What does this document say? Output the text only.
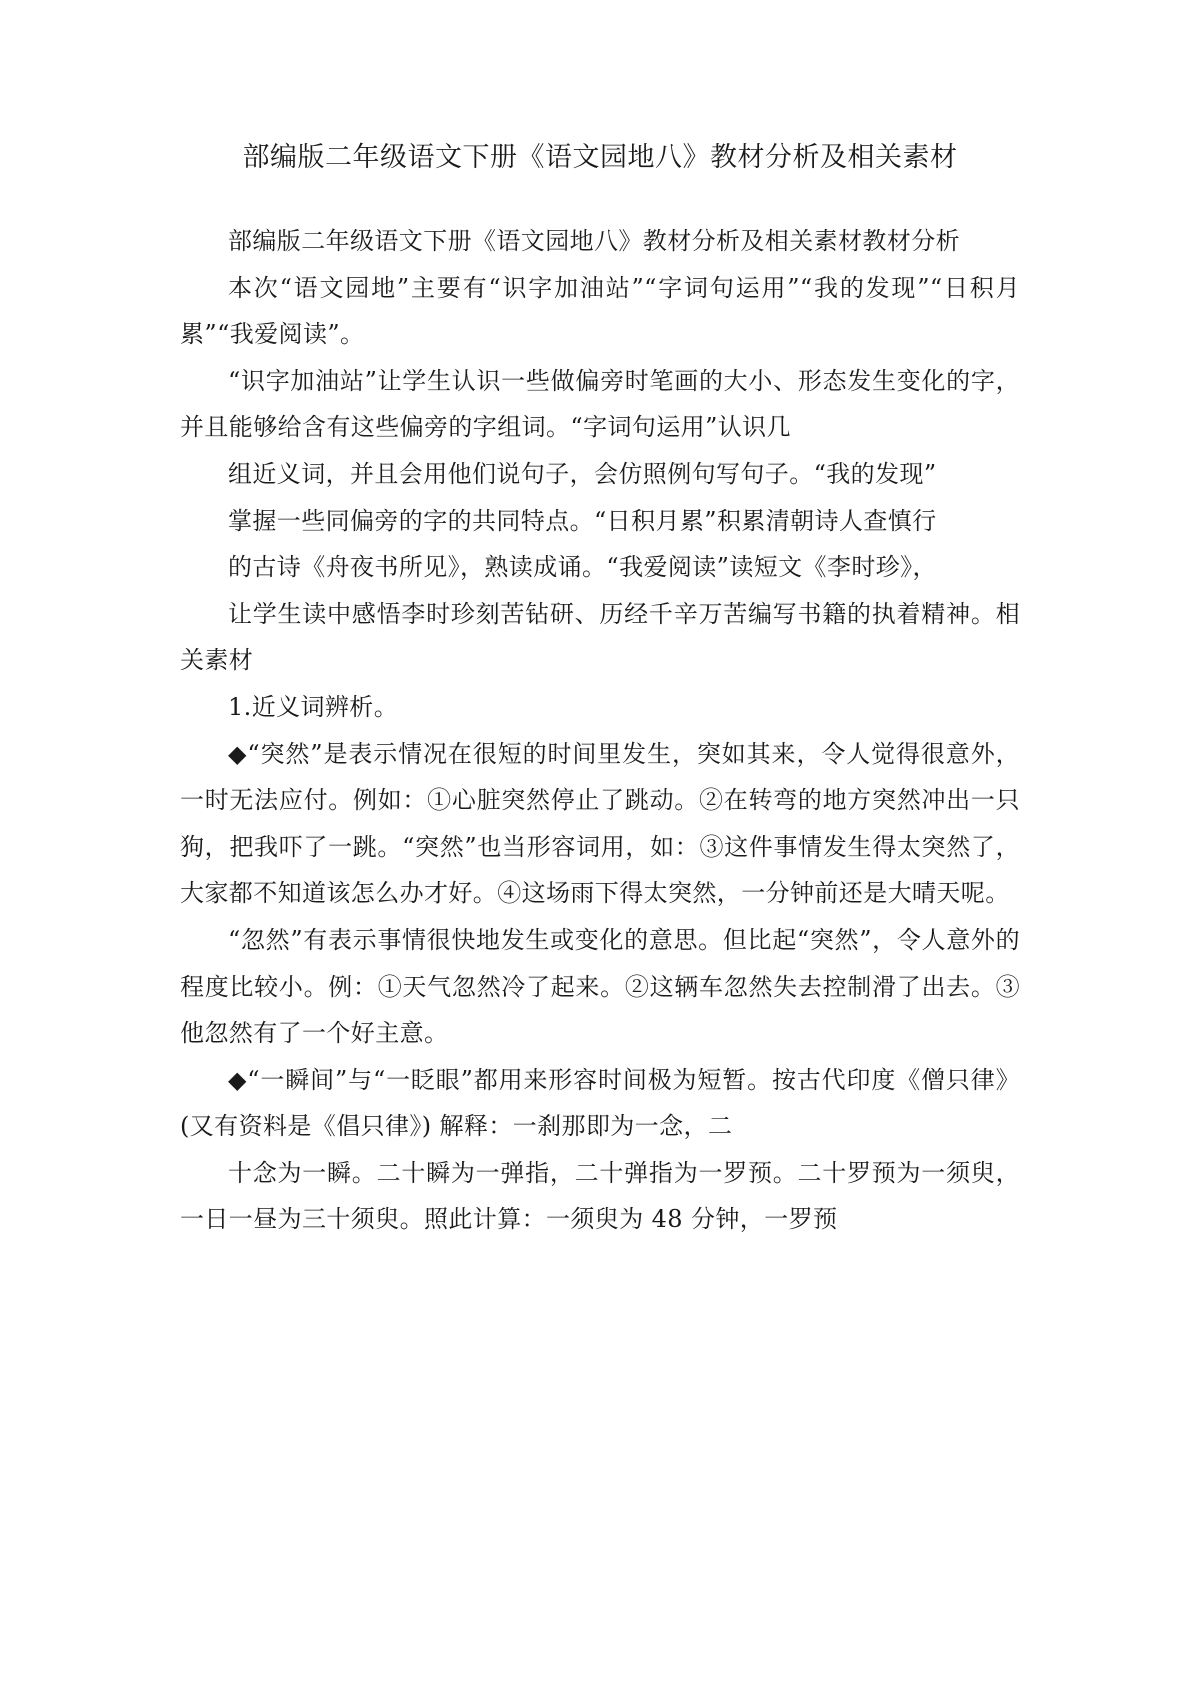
部编版二年级语文下册《语文园地八》教材分析及相关素材

部编版二年级语文下册《语文园地八》教材分析及相关素材教材分析

本次“语文园地”主要有“识字加油站”“字词句运用”“我的发现”“日积月累”“我爱阅读”。

“识字加油站”让学生认识一些做偏旁时笔画的大小、形态发生变化的字，并且能够给含有这些偏旁的字组词。“字词句运用”认识几

组近义词，并且会用他们说句子，会仿照例句写句子。“我的发现”

掌握一些同偏旁的字的共同特点。“日积月累”积累清朝诗人查慎行

的古诗《舟夜书所见》，熟读成诵。“我爱阅读”读短文《李时珍》，

让学生读中感悟李时珍刻苦钻研、历经千辛万苦编写书籍的执着精神。相关素材

1.近义词辨析。

◆“突然”是表示情况在很短的时间里发生，突如其来，令人觉得很意外，一时无法应付。例如：①心脏突然停止了跳动。②在转弯的地方突然冲出一只狗，把我吓了一跳。“突然”也当形容词用，如：③这件事情发生得太突然了，大家都不知道该怎么办才好。④这场雨下得太突然，一分钟前还是大晴天呢。

“忽然”有表示事情很快地发生或变化的意思。但比起“突然”，令人意外的程度比较小。例：①天气忽然冷了起来。②这辆车忽然失去控制滑了出去。③他忽然有了一个好主意。

◆“一瞬间”与“一眨眼”都用来形容时间极为短暂。按古代印度《僧只律》(又有资料是《倡只律》) 解释：一刹那即为一念，二

十念为一瞬。二十瞬为一弹指，二十弹指为一罗预。二十罗预为一须臾，一日一昼为三十须臾。照此计算：一须臾为 48 分钟，一罗预
